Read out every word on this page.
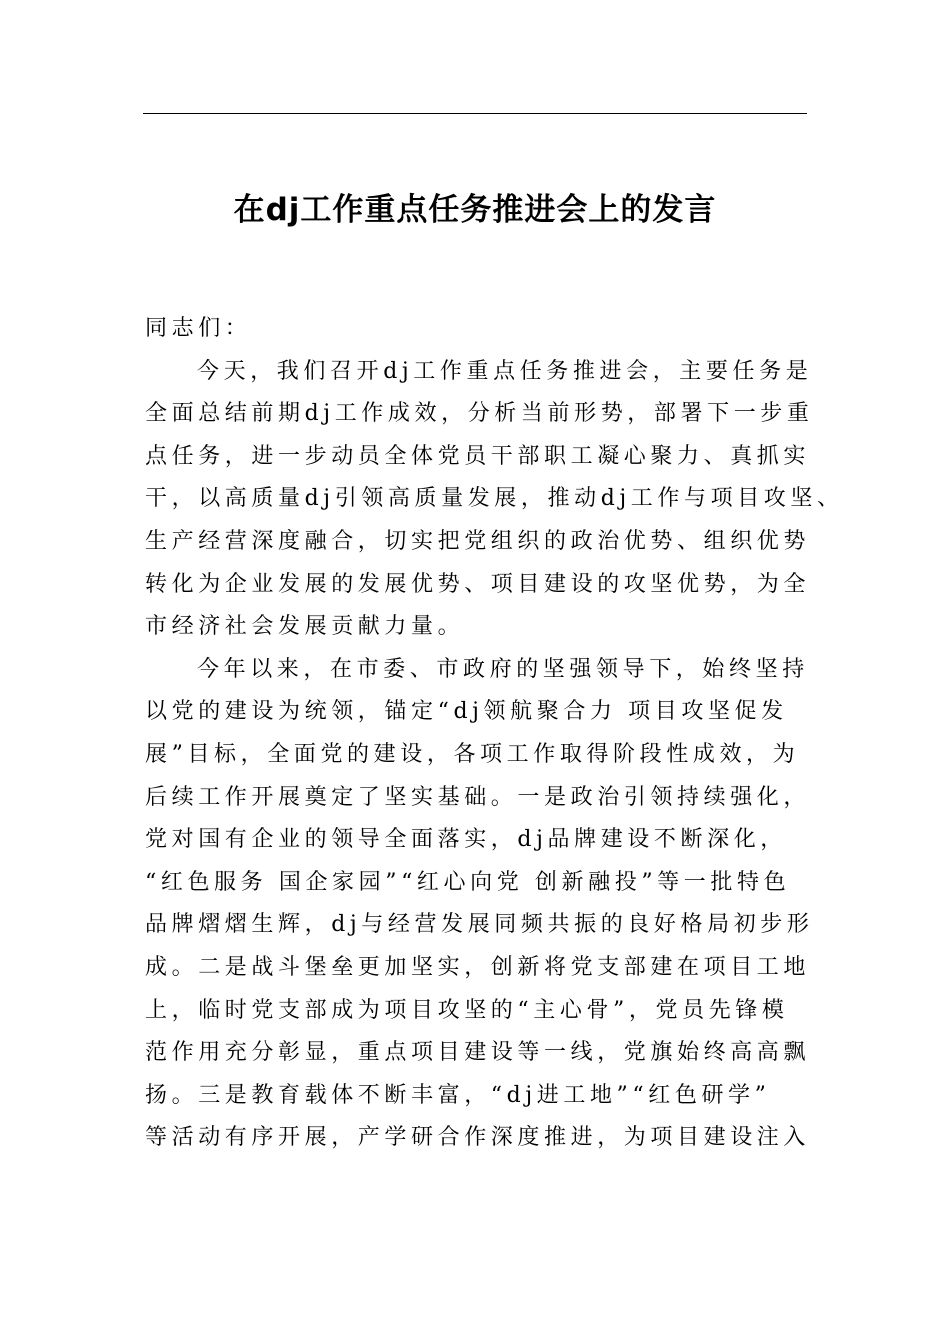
在dj工作重点任务推进会上的发言
同志们：
今天，我们召开dj工作重点任务推进会，主要任务是
全面总结前期dj工作成效，分析当前形势，部署下一步重
点任务，进一步动员全体党员干部职工凝心聚力、真抓实
干，以高质量dj引领高质量发展，推动dj工作与项目攻坚、
生产经营深度融合，切实把党组织的政治优势、组织优势
转化为企业发展的发展优势、项目建设的攻坚优势，为全
市经济社会发展贡献力量。
今年以来，在市委、市政府的坚强领导下，始终坚持
以党的建设为统领，锚定“dj领航聚合力 项目攻坚促发
展”目标，全面党的建设，各项工作取得阶段性成效，为
后续工作开展奠定了坚实基础。一是政治引领持续强化，
党对国有企业的领导全面落实，dj品牌建设不断深化，
“红色服务 国企家园”“红心向党 创新融投”等一批特色
品牌熠熠生辉，dj与经营发展同频共振的良好格局初步形
成。二是战斗堡垒更加坚实，创新将党支部建在项目工地
上，临时党支部成为项目攻坚的“主心骨”，党员先锋模
范作用充分彰显，重点项目建设等一线，党旗始终高高飘
扬。三是教育载体不断丰富，“dj进工地”“红色研学”
等活动有序开展，产学研合作深度推进，为项目建设注入
